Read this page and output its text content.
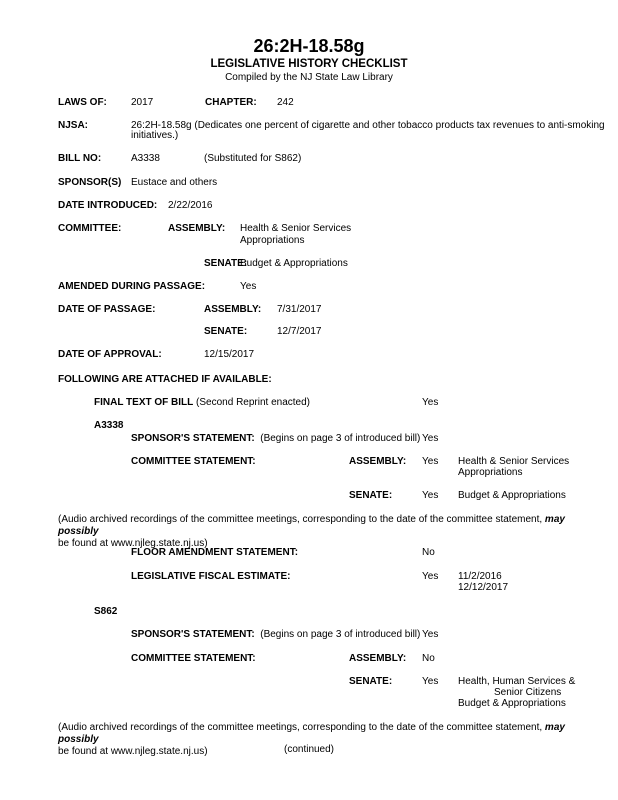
26:2H-18.58g
LEGISLATIVE HISTORY CHECKLIST
Compiled by the NJ State Law Library
LAWS OF: 2017	CHAPTER: 242
NJSA:	26:2H-18.58g (Dedicates one percent of cigarette and other tobacco products tax revenues to anti-smoking
initiatives.)
BILL NO:	A3338	(Substituted for S862)
SPONSOR(S) Eustace and others
DATE INTRODUCED: 2/22/2016
COMMITTEE:	ASSEMBLY: Health & Senior Services
Appropriations
SENATE:
Budget & Appropriations
AMENDED DURING PASSAGE:	Yes
DATE OF PASSAGE:	ASSEMBLY: 7/31/2017
SENATE:	12/7/2017
DATE OF APPROVAL:	12/15/2017
FOLLOWING ARE ATTACHED IF AVAILABLE:
FINAL TEXT OF BILL (Second Reprint enacted)	Yes
A3338
SPONSOR'S STATEMENT: (Begins on page 3 of introduced bill) Yes
COMMITTEE STATEMENT:	ASSEMBLY: Yes Health & Senior Services
Appropriations
SENATE:	Yes Budget & Appropriations
(Audio archived recordings of the committee meetings, corresponding to the date of the committee statement, may possibly
be found at www.njleg.state.nj.us)
FLOOR AMENDMENT STATEMENT:	No
LEGISLATIVE FISCAL ESTIMATE:	Yes 11/2/2016
12/12/2017
S862
SPONSOR'S STATEMENT: (Begins on page 3 of introduced bill) Yes
COMMITTEE STATEMENT:	ASSEMBLY: No
SENATE:	Yes Health, Human Services &
Senior Citizens
Budget & Appropriations
(Audio archived recordings of the committee meetings, corresponding to the date of the committee statement, may possibly
be found at www.njleg.state.nj.us)	(continued)
